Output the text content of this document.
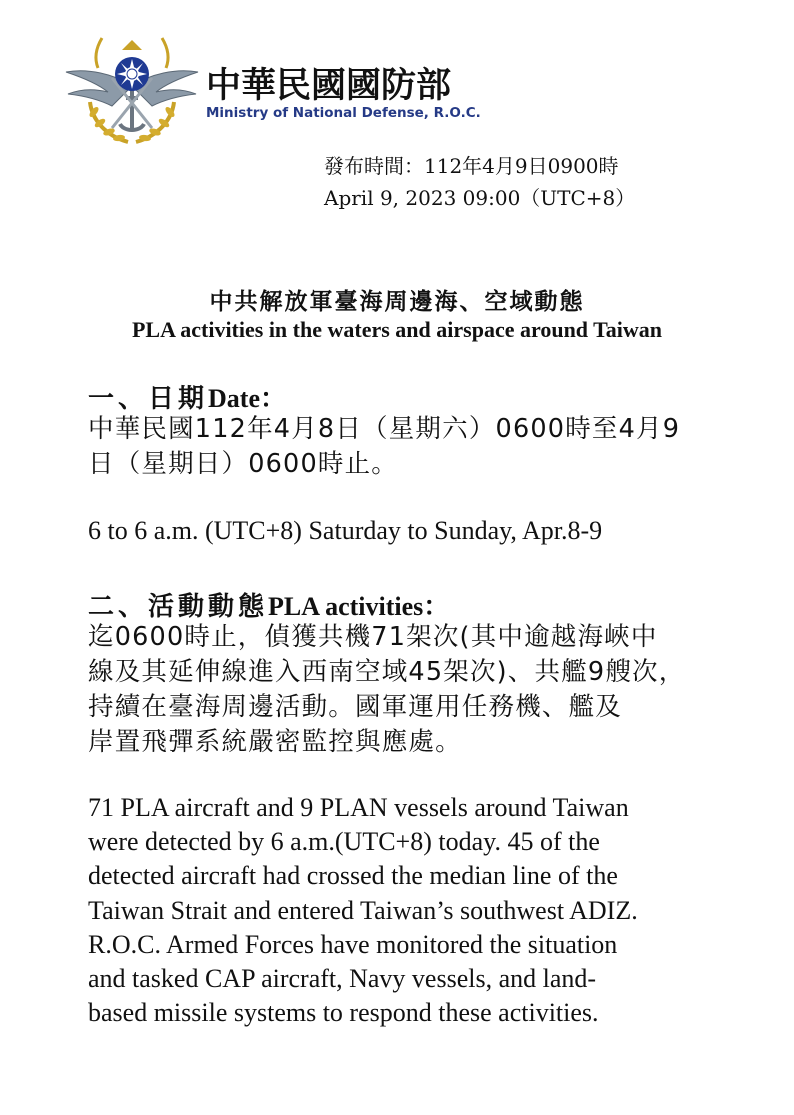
中華民國國防部
Ministry of National Defense, R.O.C.
發布時間：112年4月9日0900時
April 9, 2023 09:00（UTC+8）
中共解放軍臺海周邊海、空域動態
PLA activities in the waters and airspace around Taiwan
一、日期Date：
中華民國112年4月8日（星期六）0600時至4月9
日（星期日）0600時止。
6 to 6 a.m. (UTC+8) Saturday to Sunday, Apr.8-9
二、活動動態PLA activities：
迄0600時止，偵獲共機71架次(其中逾越海峽中
線及其延伸線進入西南空域45架次)、共艦9艘次，
持續在臺海周邊活動。國軍運用任務機、艦及
岸置飛彈系統嚴密監控與應處。
71 PLA aircraft and 9 PLAN vessels around Taiwan
were detected by 6 a.m.(UTC+8) today. 45 of the
detected aircraft had crossed the median line of the
Taiwan Strait and entered Taiwan’s southwest ADIZ.
R.O.C. Armed Forces have monitored the situation
and tasked CAP aircraft, Navy vessels, and land-
based missile systems to respond these activities.
